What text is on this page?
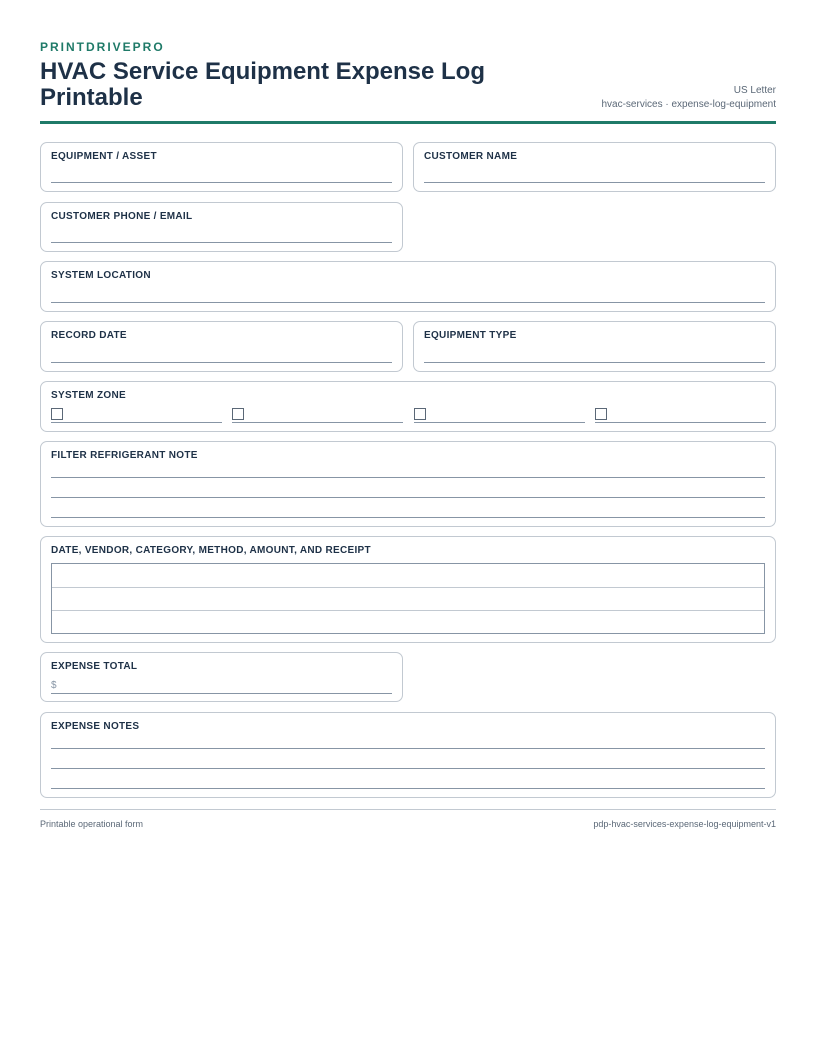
PRINTDRIVEPRO
HVAC Service Equipment Expense Log Printable	US Letter
hvac-services · expense-log-equipment
EQUIPMENT / ASSET	CUSTOMER NAME
CUSTOMER PHONE / EMAIL
SYSTEM LOCATION
RECORD DATE	EQUIPMENT TYPE
SYSTEM ZONE
FILTER REFRIGERANT NOTE
DATE, VENDOR, CATEGORY, METHOD, AMOUNT, AND RECEIPT
EXPENSE TOTAL
$
EXPENSE NOTES
Printable operational form	pdp-hvac-services-expense-log-equipment-v1
